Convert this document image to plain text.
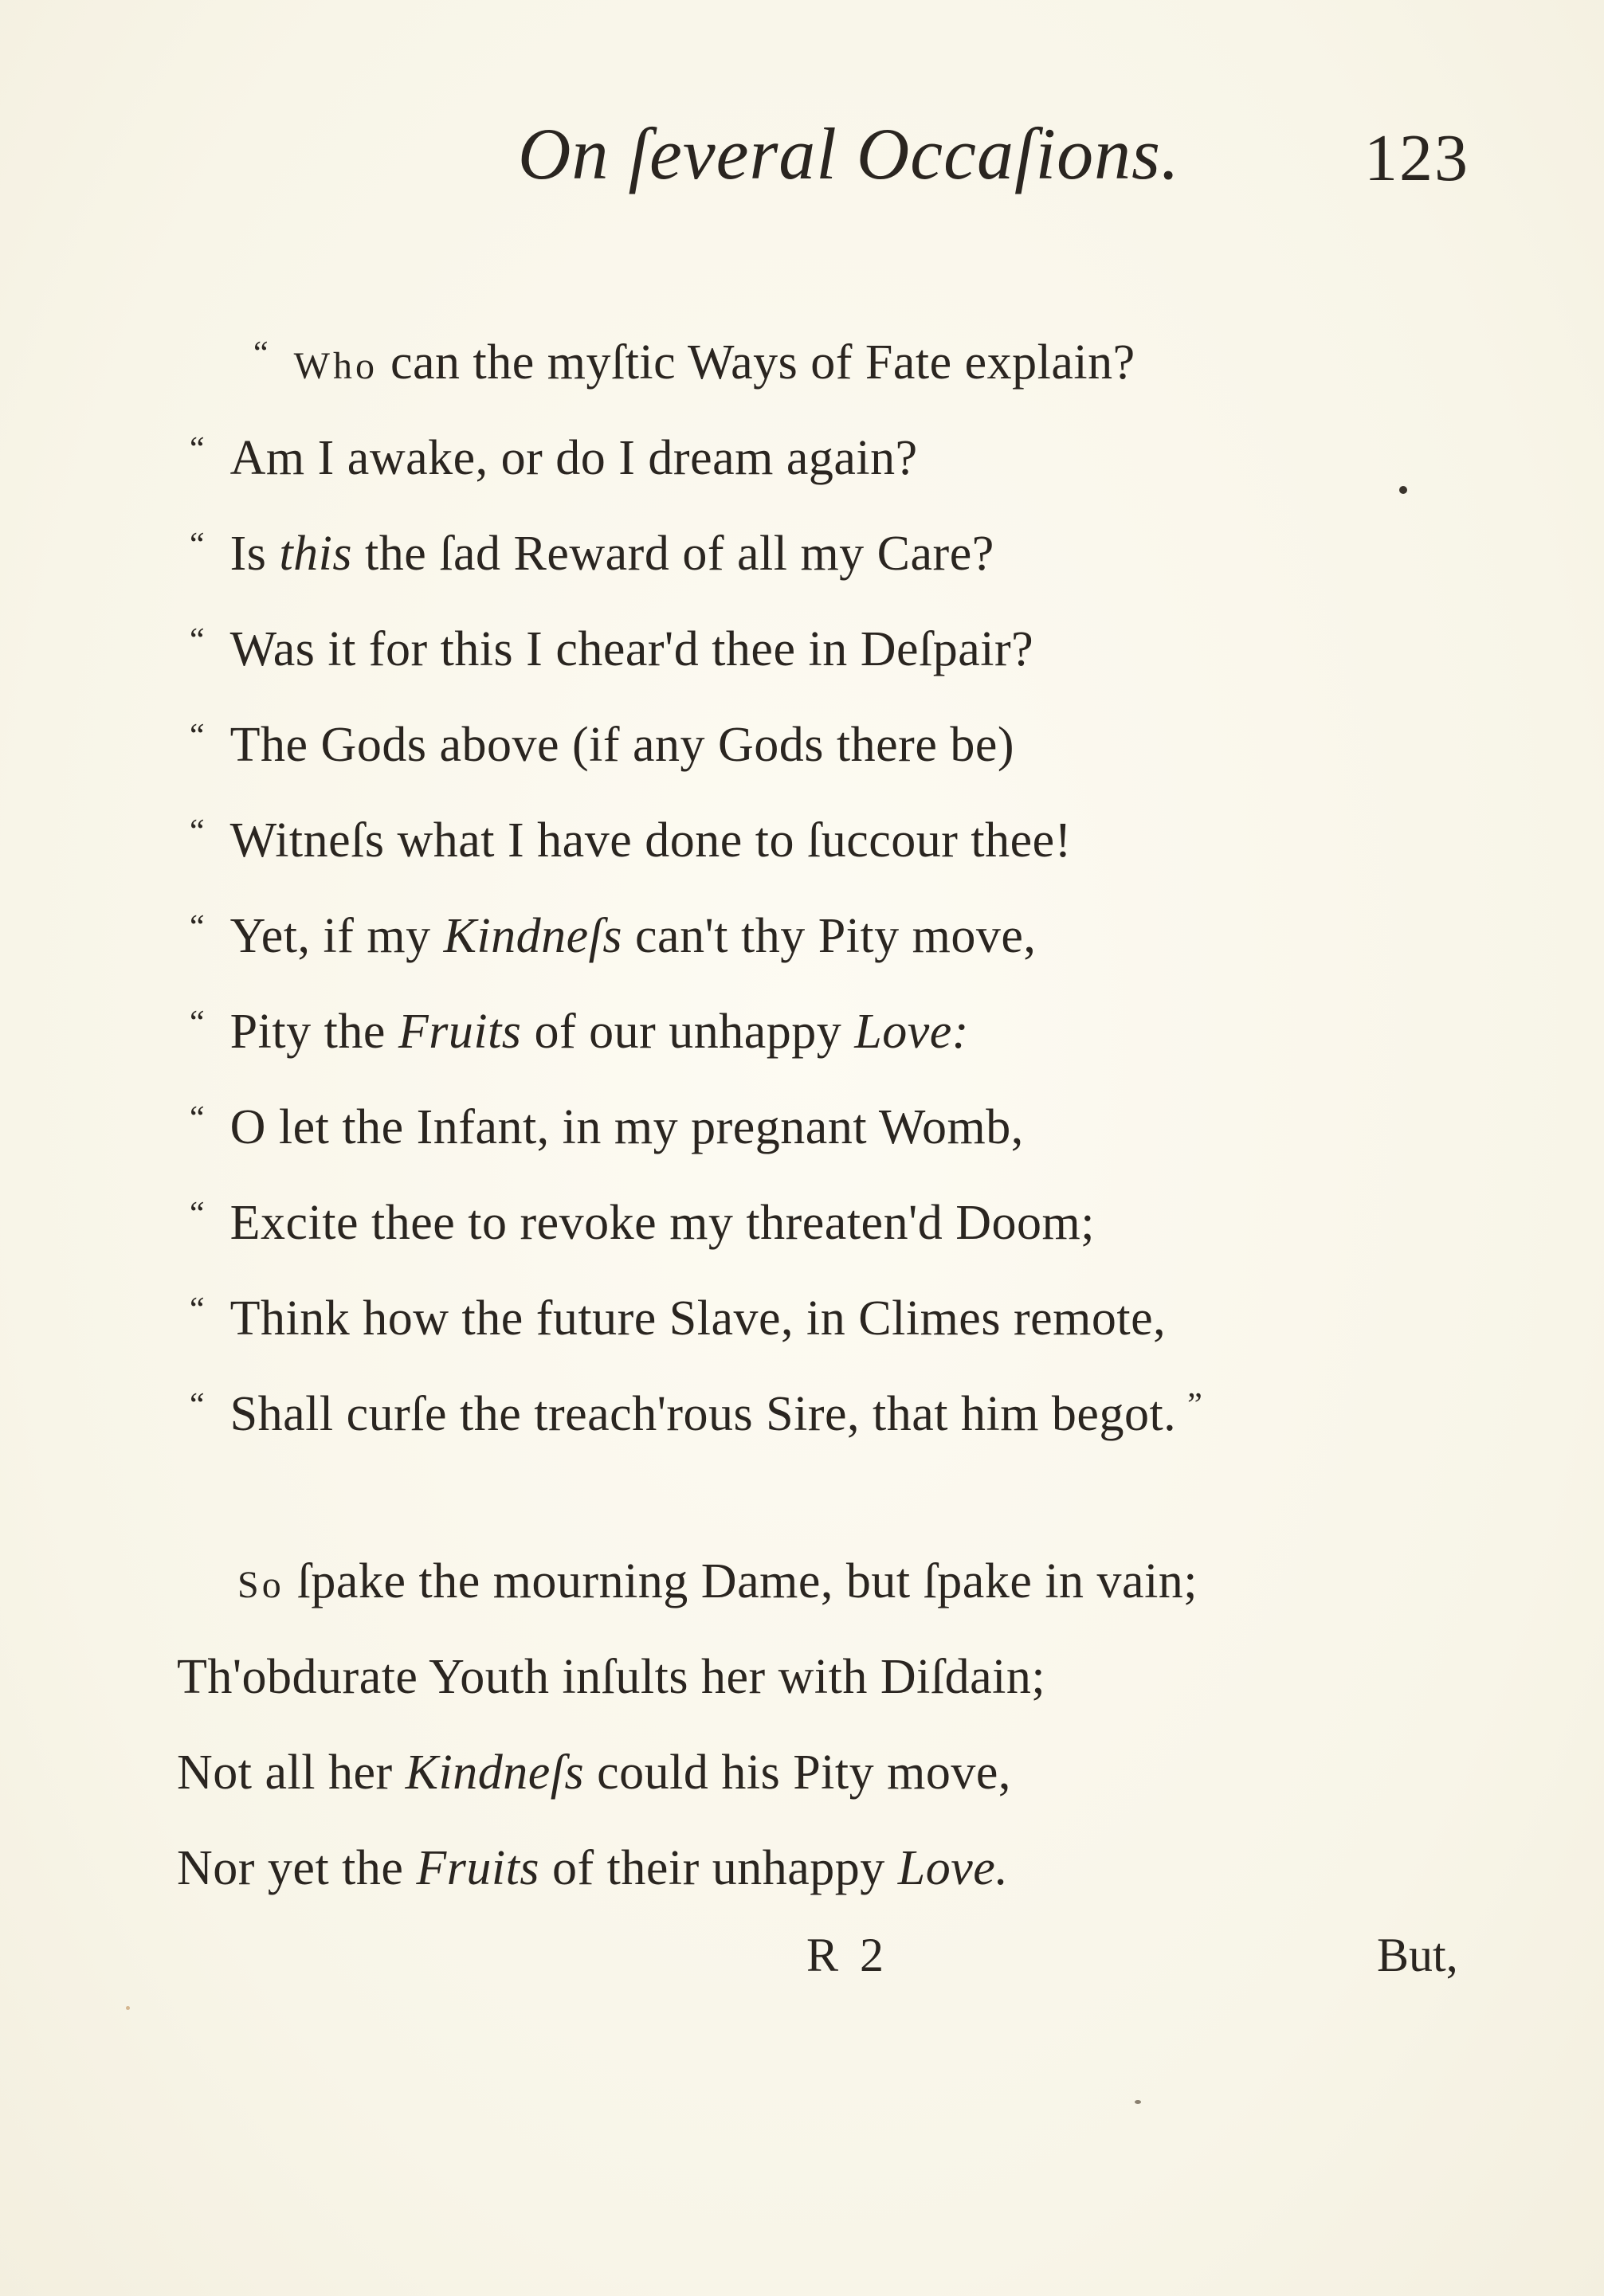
On ſeveral Occaſions.	123
“ Who can the myſtic Ways of Fate explain?
“ Am I awake, or do I dream again?
“ Is this the ſad Reward of all my Care?
“ Was it for this I chear'd thee in Deſpair?
“ The Gods above (if any Gods there be)
“ Witneſs what I have done to ſuccour thee!
“ Yet, if my Kindneſs can't thy Pity move,
“ Pity the Fruits of our unhappy Love:
“ O let the Infant, in my pregnant Womb,
“ Excite thee to revoke my threaten'd Doom;
“ Think how the future Slave, in Climes remote,
“ Shall curſe the treach'rous Sire, that him begot. ”
So ſpake the mourning Dame, but ſpake in vain;
Th'obdurate Youth inſults her with Diſdain;
Not all her Kindneſs could his Pity move,
Nor yet the Fruits of their unhappy Love.
R 2	But,
